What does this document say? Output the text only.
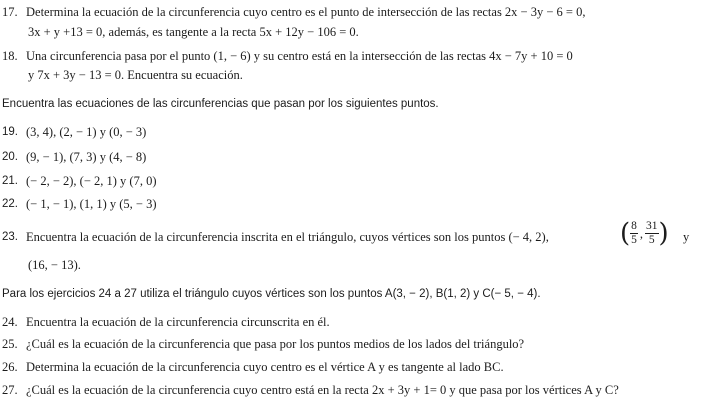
17. Determina la ecuación de la circunferencia cuyo centro es el punto de intersección de las rectas 2x − 3y − 6 = 0,
3x + y +13 = 0, además, es tangente a la recta 5x + 12y − 106 = 0.
18. Una circunferencia pasa por el punto (1, − 6) y su centro está en la intersección de las rectas 4x − 7y + 10 = 0
y 7x + 3y − 13 = 0. Encuentra su ecuación.
Encuentra las ecuaciones de las circunferencias que pasan por los siguientes puntos.
19. (3, 4), (2, − 1) y (0, − 3)
20. (9, − 1), (7, 3) y (4, − 8)
21. (− 2, − 2), (− 2, 1) y (7, 0)
22. (− 1, − 1), (1, 1) y (5, − 3)
23. Encuentra la ecuación de la circunferencia inscrita en el triángulo, cuyos vértices son los puntos (− 4, 2),	( $\frac{8}{5}$ , $\frac{31}{5}$ ) y
(16, − 13).
Para los ejercicios 24 a 27 utiliza el triángulo cuyos vértices son los puntos A(3, − 2), B(1, 2) y C(− 5, − 4).
24. Encuentra la ecuación de la circunferencia circunscrita en él.
25. ¿Cuál es la ecuación de la circunferencia que pasa por los puntos medios de los lados del triángulo?
26. Determina la ecuación de la circunferencia cuyo centro es el vértice A y es tangente al lado BC.
27. ¿Cuál es la ecuación de la circunferencia cuyo centro está en la recta 2x + 3y + 1= 0 y que pasa por los vértices A y C?
